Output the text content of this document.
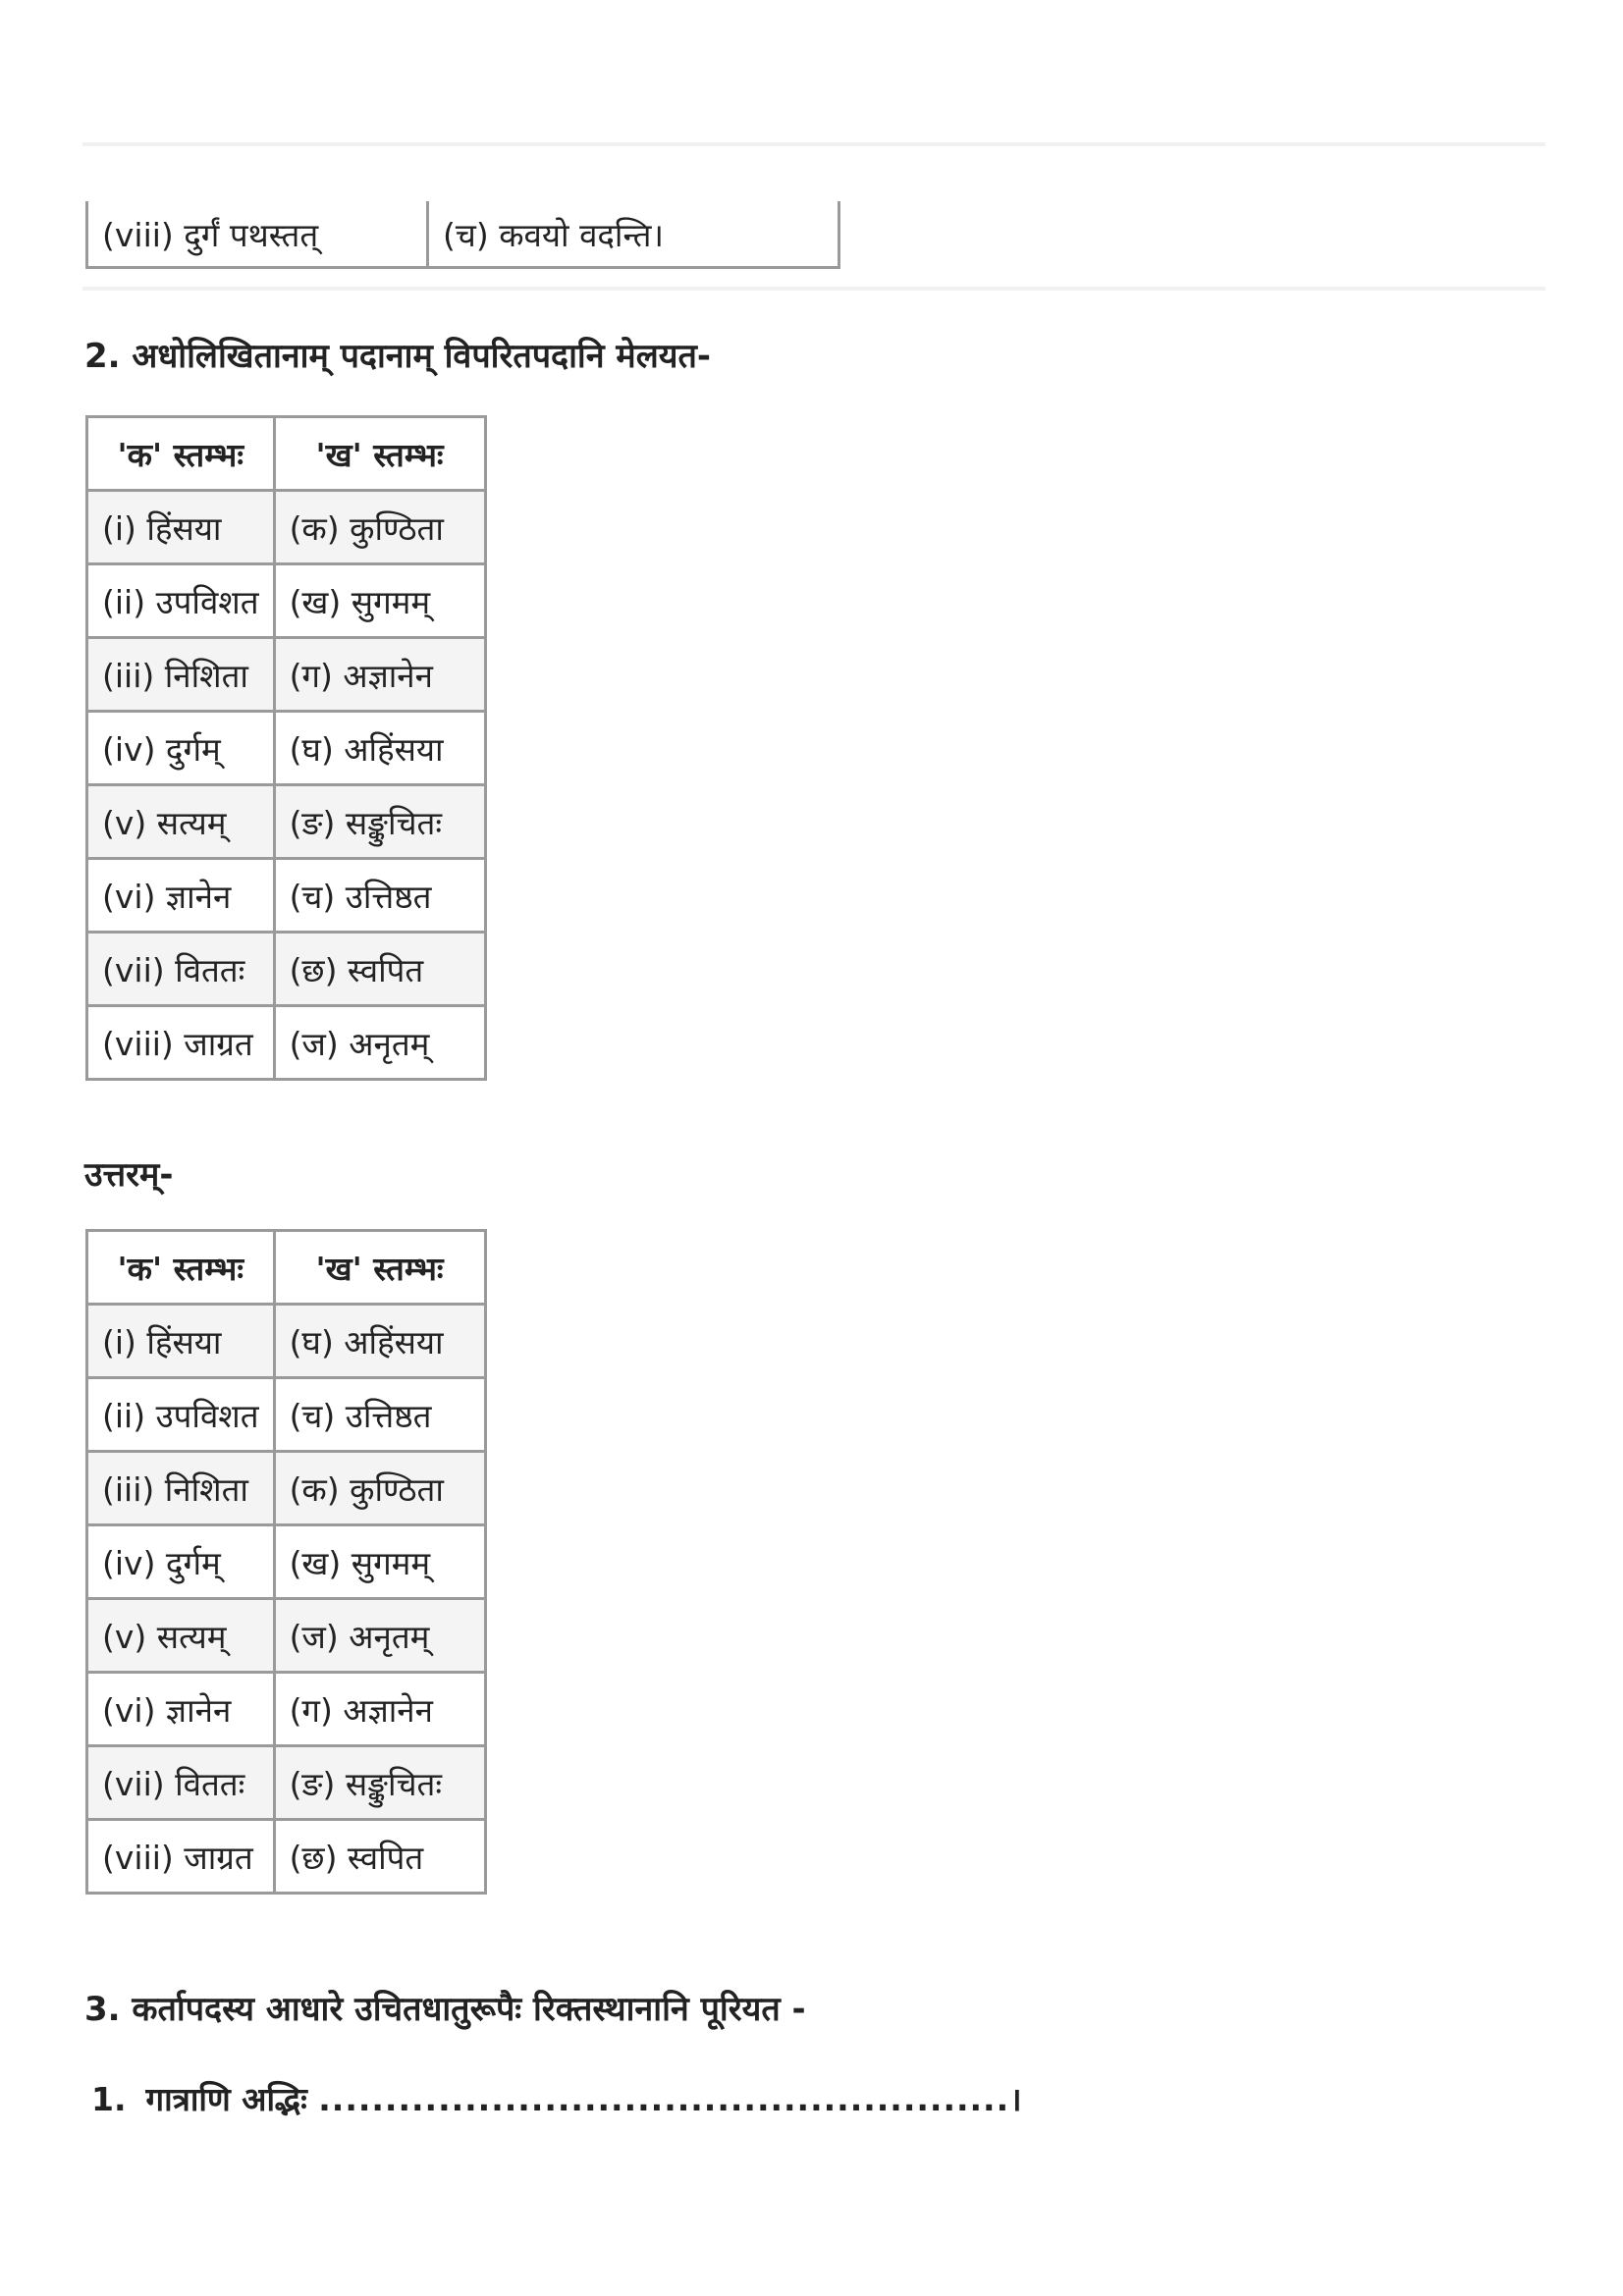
(viii) दुर्गं पथस्तत्	(च) कवयो वदन्ति।
2. अधोलिखितानाम् पदानाम् विपरितपदानि मेलयत-
'क' स्तम्भः	'ख' स्तम्भः
(i) हिंसया	(क) कुण्ठिता
(ii) उपविशत	(ख) सुगमम्
(iii) निशिता	(ग) अज्ञानेन
(iv) दुर्गम्	(घ) अहिंसया
(v) सत्यम्	(ङ) सङ्कुचितः
(vi) ज्ञानेन	(च) उत्तिष्ठत
(vii) विततः	(छ) स्वपित
(viii) जाग्रत	(ज) अनृतम्
उत्तरम्-
'क' स्तम्भः	'ख' स्तम्भः
(i) हिंसया	(घ) अहिंसया
(ii) उपविशत	(च) उत्तिष्ठत
(iii) निशिता	(क) कुण्ठिता
(iv) दुर्गम्	(ख) सुगमम्
(v) सत्यम्	(ज) अनृतम्
(vi) ज्ञानेन	(ग) अज्ञानेन
(vii) विततः	(ङ) सङ्कुचितः
(viii) जाग्रत	(छ) स्वपित
3. कर्तापदस्य आधारे उचितधातुरूपैः रिक्तस्थानानि पूरियत -
1. गात्राणि अद्भिः ....................................................।
